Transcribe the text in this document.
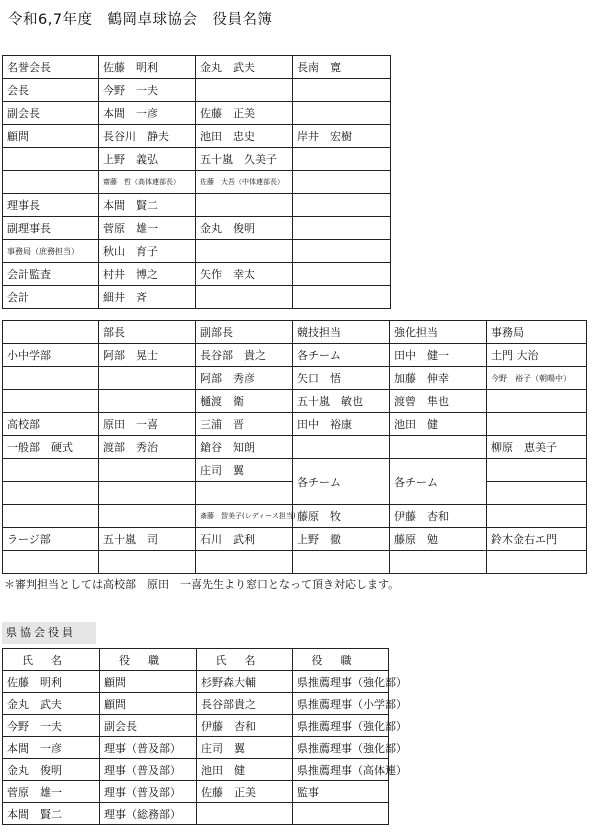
令和6,7年度　鶴岡卓球協会　役員名簿
名誉会長	佐藤　明利	金丸　武夫	長南　寛
会長	今野　一夫		
副会長	本間　一彦	佐藤　正美	
顧問	長谷川　静夫	池田　忠史	岸井　宏樹
	上野　義弘	五十嵐　久美子	
	齋藤　哲（高体連部長）	佐藤　大吾（中体連部長）	
理事長	本間　賢二		
副理事長	菅原　雄一	金丸　俊明	
事務局（庶務担当）	秋山　育子		
会計監査	村井　博之	矢作　幸太	
会計	細井　斉		
	部長	副部長	競技担当	強化担当	事務局
小中学部	阿部　晃士	長谷部　貴之	各チーム	田中　健一	土門 大治
		阿部　秀彦	矢口　悟	加藤　伸幸	今野　裕子（朝暘中）
		樋渡　衛	五十嵐　敏也	渡曾　隼也	
高校部	原田　一喜	三浦　晋	田中　裕康	池田　健	
一般部　硬式	渡部　秀治	鎗谷　知朗			柳原　恵美子
		庄司　翼	各チーム	各チーム	

		斎藤　智美子(レディース担当)	藤原　牧	伊藤　杏和	
ラージ部	五十嵐　司	石川　武利	上野　徹	藤原　勉	鈴木金右エ門

＊審判担当としては高校部　原田　一喜先生より窓口となって頂き対応します。
県協会役員
氏名	役職	氏名	役職
佐藤　明利	顧問	杉野森大輔	県推薦理事（強化部）
金丸　武夫	顧問	長谷部貴之	県推薦理事（小学部）
今野　一夫	副会長	伊藤　杏和	県推薦理事（強化部）
本間　一彦	理事（普及部）	庄司　翼	県推薦理事（強化部）
金丸　俊明	理事（普及部）	池田　健	県推薦理事（高体連）
菅原　雄一	理事（普及部）	佐藤　正美	監事
本間　賢二	理事（総務部）		
